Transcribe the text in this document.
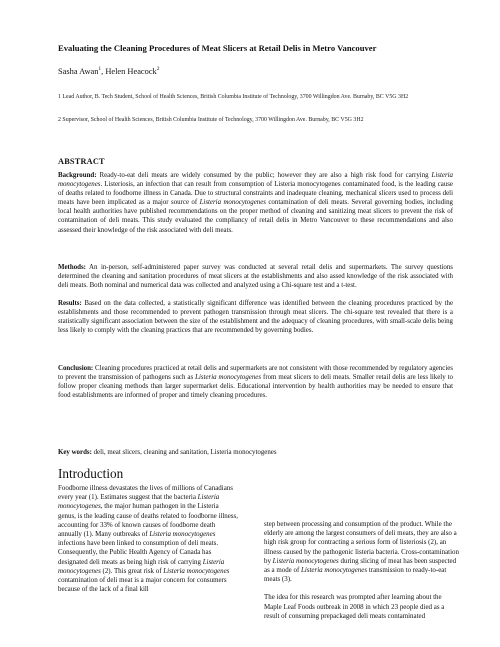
Evaluating the Cleaning Procedures of Meat Slicers at Retail Delis in Metro Vancouver
Sasha Awan$^1$, Helen Heacock$^2$
1 Lead Author, B. Tech Student, School of Health Sciences, British Columbia Institute of Technology, 3700 Willingdon Ave. Burnaby, BC V5G 3H2
2 Supervisor, School of Health Sciences, British Columbia Institute of Technology, 3700 Willingdon Ave. Burnaby, BC V5G 3H2
ABSTRACT
Background: Ready-to-eat deli meats are widely consumed by the public; however they are also a high risk food for carrying Listeria monocytogenes. Listeriosis, an infection that can result from consumption of Listeria monocytogenes contaminated food, is the leading cause of deaths related to foodborne illness in Canada. Due to structural constraints and inadequate cleaning, mechanical slicers used to process deli meats have been implicated as a major source of Listeria monocytogenes contamination of deli meats. Several governing bodies, including local health authorities have published recommendations on the proper method of cleaning and sanitizing meat slicers to prevent the risk of contamination of deli meats. This study evaluated the compliancy of retail delis in Metro Vancouver to these recommendations and also assessed their knowledge of the risk associated with deli meats.
Methods: An in-person, self-administered paper survey was conducted at several retail delis and supermarkets. The survey questions determined the cleaning and sanitation procedures of meat slicers at the establishments and also assed knowledge of the risk associated with deli meats. Both nominal and numerical data was collected and analyzed using a Chi-square test and a t-test.
Results: Based on the data collected, a statistically significant difference was identified between the cleaning procedures practiced by the establishments and those recommended to prevent pathogen transmission through meat slicers. The chi-square test revealed that there is a statistically significant association between the size of the establishment and the adequacy of cleaning procedures, with small-scale delis being less likely to comply with the cleaning practices that are recommended by governing bodies.
Conclusion: Cleaning procedures practiced at retail delis and supermarkets are not consistent with those recommended by regulatory agencies to prevent the transmission of pathogens such as Listeria monocytogenes from meat slicers to deli meats. Smaller retail delis are less likely to follow proper cleaning methods than larger supermarket delis. Educational intervention by health authorities may be needed to ensure that food establishments are informed of proper and timely cleaning procedures.
Key words: deli, meat slicers, cleaning and sanitation, Listeria monocytogenes
Introduction

Foodborne illness devastates the lives of millions of Canadians every year (1). Estimates suggest that the bacteria Listeria monocytogenes, the major human pathogen in the Listeria genus, is the leading cause of deaths related to foodborne illness, accounting for 33% of known causes of foodborne death annually (1). Many outbreaks of Listeria monocytogenes infections have been linked to consumption of deli meats. Consequently, the Public Health Agency of Canada has designated deli meats as being high risk of carrying Listeria monocytogenes (2). This great risk of Listeria monocytogenes contamination of deli meat is a major concern for consumers because of the lack of a final kill

step between processing and consumption of the product. While the elderly are among the largest consumers of deli meats, they are also a high risk group for contracting a serious form of listeriosis (2), an illness caused by the pathogenic listeria bacteria. Cross-contamination by Listeria monocytogenes during slicing of meat has been suspected as a mode of Listeria monocytogenes transmission to ready-to-eat meats (3).

The idea for this research was prompted after learning about the Maple Leaf Foods outbreak in 2008 in which 23 people died as a result of consuming prepackaged deli meats contaminated
